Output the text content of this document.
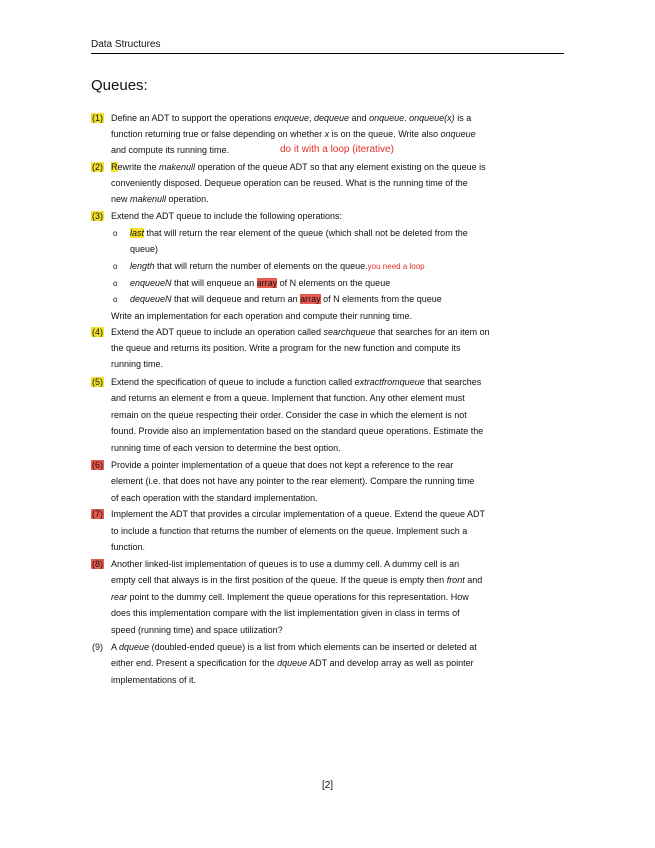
Data Structures
Queues:
(1) Define an ADT to support the operations enqueue, dequeue and onqueue. onqueue(x) is a
function returning true or false depending on whether x is on the queue. Write also onqueue
and compute its running time.	do it with a loop (iterative)
(2) Rewrite the makenull operation of the queue ADT so that any element existing on the queue is
conveniently disposed. Dequeue operation can be reused. What is the running time of the
new makenull operation.
(3) Extend the ADT queue to include the following operations:
o last that will return the rear element of the queue (which shall not be deleted from the
queue)
o length that will return the number of elements on the queue.you need a loop
o enqueueN that will enqueue an array of N elements on the queue
o dequeueN that will dequeue and return an array of N elements from the queue
Write an implementation for each operation and compute their running time.
(4) Extend the ADT queue to include an operation called searchqueue that searches for an item on
the queue and returns its position. Write a program for the new function and compute its
running time.
(5) Extend the specification of queue to include a function called extractfromqueue that searches
and returns an element e from a queue. Implement that function. Any other element must
remain on the queue respecting their order. Consider the case in which the element is not
found. Provide also an implementation based on the standard queue operations. Estimate the
running time of each version to determine the best option.
(6) Provide a pointer implementation of a queue that does not kept a reference to the rear
element (i.e. that does not have any pointer to the rear element). Compare the running time
of each operation with the standard implementation.
(7) Implement the ADT that provides a circular implementation of a queue. Extend the queue ADT
to include a function that returns the number of elements on the queue. Implement such a
function.
(8) Another linked-list implementation of queues is to use a dummy cell. A dummy cell is an
empty cell that always is in the first position of the queue. If the queue is empty then front and
rear point to the dummy cell. Implement the queue operations for this representation. How
does this implementation compare with the list implementation given in class in terms of
speed (running time) and space utilization?
(9) A dqueue (doubled-ended queue) is a list from which elements can be inserted or deleted at
either end. Present a specification for the dqueue ADT and develop array as well as pointer
implementations of it.
[2]
